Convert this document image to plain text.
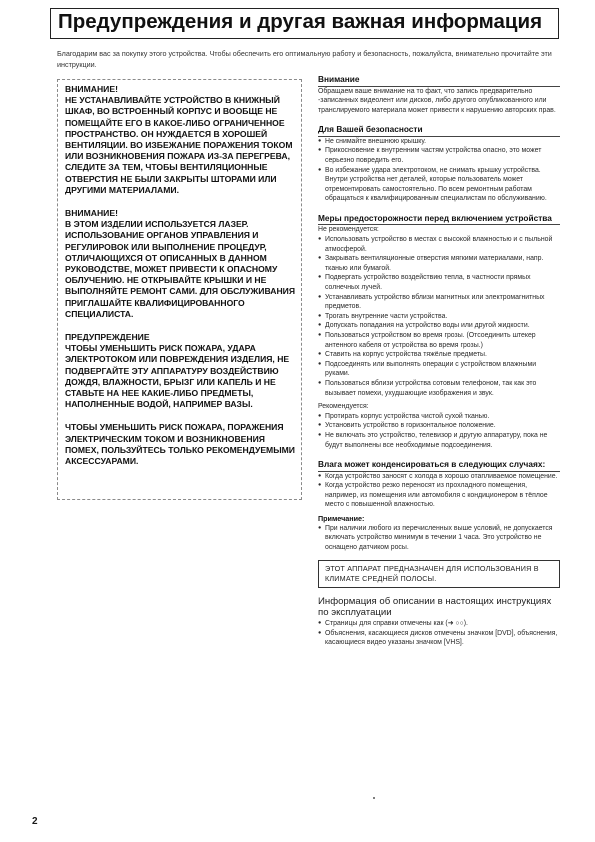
Предупреждения и другая важная информация
Благодарим вас за покупку этого устройства. Чтобы обеспечить его оптимальную работу и безопасность, пожалуйста, внимательно прочитайте эти инструкции.
ВНИМАНИЕ!
НЕ УСТАНАВЛИВАЙТЕ УСТРОЙСТВО В КНИЖНЫЙ ШКАФ, ВО ВСТРОЕННЫЙ КОРПУС И ВООБЩЕ НЕ ПОМЕЩАЙТЕ ЕГО В КАКОЕ-ЛИБО ОГРАНИЧЕННОЕ ПРОСТРАНСТВО. ОН НУЖДАЕТСЯ В ХОРОШЕЙ ВЕНТИЛЯЦИИ. ВО ИЗБЕЖАНИЕ ПОРАЖЕНИЯ ТОКОМ ИЛИ ВОЗНИКНОВЕНИЯ ПОЖАРА ИЗ-ЗА ПЕРЕГРЕВА, СЛЕДИТЕ ЗА ТЕМ, ЧТОБЫ ВЕНТИЛЯЦИОННЫЕ ОТВЕРСТИЯ НЕ БЫЛИ ЗАКРЫТЫ ШТОРАМИ ИЛИ ДРУГИМИ МАТЕРИАЛАМИ.
ВНИМАНИЕ!
В ЭТОМ ИЗДЕЛИИ ИСПОЛЬЗУЕТСЯ ЛАЗЕР. ИСПОЛЬЗОВАНИЕ ОРГАНОВ УПРАВЛЕНИЯ И РЕГУЛИРОВОК ИЛИ ВЫПОЛНЕНИЕ ПРОЦЕДУР, ОТЛИЧАЮЩИХСЯ ОТ ОПИСАННЫХ В ДАННОМ РУКОВОДСТВЕ, МОЖЕТ ПРИВЕСТИ К ОПАСНОМУ ОБЛУЧЕНИЮ. НЕ ОТКРЫВАЙТЕ КРЫШКИ И НЕ ВЫПОЛНЯЙТЕ РЕМОНТ САМИ. ДЛЯ ОБСЛУЖИВАНИЯ ПРИГЛАШАЙТЕ КВАЛИФИЦИРОВАННОГО СПЕЦИАЛИСТА.
ПРЕДУПРЕЖДЕНИЕ
ЧТОБЫ УМЕНЬШИТЬ РИСК ПОЖАРА, УДАРА ЭЛЕКТРОТОКОМ ИЛИ ПОВРЕЖДЕНИЯ ИЗДЕЛИЯ, НЕ ПОДВЕРГАЙТЕ ЭТУ АППАРАТУРУ ВОЗДЕЙСТВИЮ ДОЖДЯ, ВЛАЖНОСТИ, БРЫЗГ ИЛИ КАПЕЛЬ И НЕ СТАВЬТЕ НА НЕЕ КАКИЕ-ЛИБО ПРЕДМЕТЫ, НАПОЛНЕННЫЕ ВОДОЙ, НАПРИМЕР ВАЗЫ.
ЧТОБЫ УМЕНЬШИТЬ РИСК ПОЖАРА, ПОРАЖЕНИЯ ЭЛЕКТРИЧЕСКИМ ТОКОМ И ВОЗНИКНОВЕНИЯ ПОМЕХ, ПОЛЬЗУЙТЕСЬ ТОЛЬКО РЕКОМЕНДУЕМЫМИ АКСЕССУАРАМИ.
Внимание

Обращаем ваше внимание на то факт, что запись предварительно -записанных видеолент или дисков, либо другого опубликованного или транслируемого материала может привести к нарушению авторских прав.

Для Вашей безопасности
● Не снимайте внешнюю крышку.
● Прикосновение к внутренним частям устройства опасно, это может серьезно повредить его.
● Во избежание удара электротоком, не снимать крышку устройства. Внутри устройства нет деталей, которые пользователь может отремонтировать самостоятельно. По всем ремонтным работам обращаться к квалифицированным специалистам по обслуживанию.
Меры предосторожности перед включением устройства

Не рекомендуется:

● Использовать устройство в местах с высокой влажностью и с пыльной атмосферой.
● Закрывать вентиляционные отверстия мягкими материалами, напр. тканью или бумагой.
● Подвергать устройство воздействию тепла, в частности прямых солнечных лучей.
● Устанавливать устройство вблизи магнитных или электромагнитных предметов.
● Трогать внутренние части устройства.
● Допускать попадания на устройство воды или другой жидкости.
● Пользоваться устройством во время грозы. (Отсоединить штекер антенного кабеля от устройства во время грозы.)
● Ставить на корпус устройства тяжёлые предметы.
● Подсоединять или выполнять операции с устройством влажными руками.
● Пользоваться вблизи устройства сотовым телефоном, так как это вызывает помехи, ухудшающие изображения и звук.

Рекомендуется:

● Протирать корпус устройства чистой сухой тканью.
● Установить устройство в горизонтальное положение.
● Не включать это устройство, телевизор и другую аппаратуру, пока не будут выполнены все необходимые подсоединения.
Влага может конденсироваться в следующих случаях:
● Когда устройство заносят с холода в хорошо отапливаемое помещение.
● Когда устройство резко переносят из прохладного помещения, например, из помещения или автомобиля с кондиционером в тёплое место с повышенной влажностью.
Примечание:
● При наличии любого из перечисленных выше условий, не допускается включать устройство минимум в течении 1 часа. Это устройство не оснащено датчиком росы.
ЭТОТ АППАРАТ ПРЕДНАЗНАЧЕН ДЛЯ ИСПОЛЬЗОВАНИЯ В КЛИМАТЕ СРЕДНЕЙ ПОЛОСЫ.
Информация об описании в настоящих инструкциях по эксплуатации
● Страницы для справки отмечены как (➜ ○○).
● Объяснения, касающиеся дисков отмечены значком [DVD], объяснения, касающиеся видео указаны значком [VHS].
2
